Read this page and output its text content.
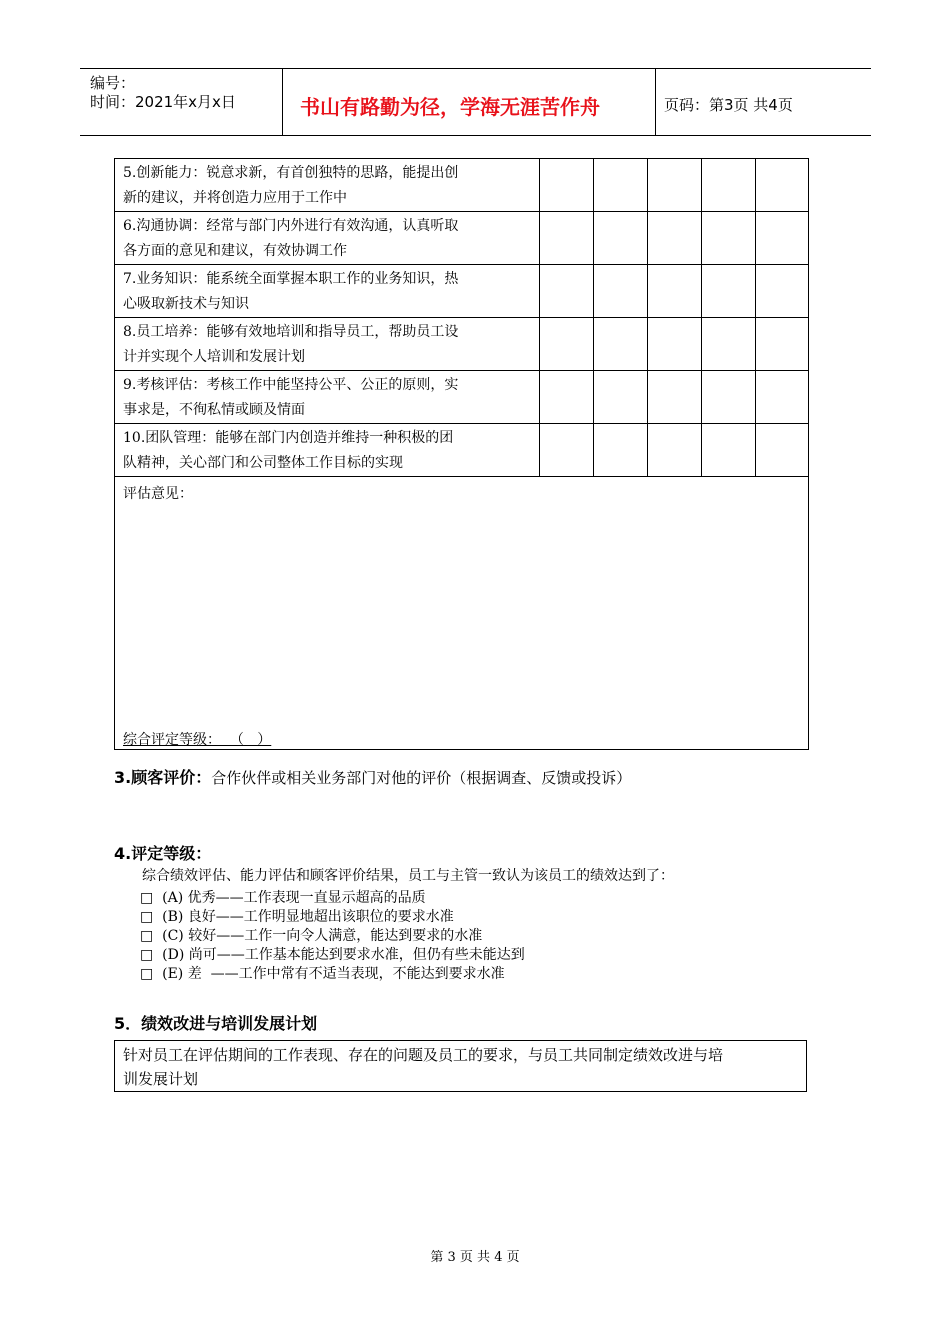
编号：
时间：2021年x月x日	书山有路勤为径，学海无涯苦作舟	页码：第3页 共4页
5.创新能力：锐意求新，有首创独特的思路，能提出创
新的建议，并将创造力应用于工作中					
6.沟通协调：经常与部门内外进行有效沟通，认真听取
各方面的意见和建议，有效协调工作					
7.业务知识：能系统全面掌握本职工作的业务知识，热
心吸取新技术与知识					
8.员工培养：能够有效地培训和指导员工，帮助员工设
计并实现个人培训和发展计划					
9.考核评估：考核工作中能坚持公平、公正的原则，实
事求是，不徇私情或顾及情面					
10.团队管理：能够在部门内创造并维持一种积极的团
队精神，关心部门和公司整体工作目标的实现					

评估意见：
综合评定等级：  （   ）					
3.顾客评价：合作伙伴或相关业务部门对他的评价（根据调查、反馈或投诉）
4.评定等级：
综合绩效评估、能力评估和顾客评价结果，员工与主管一致认为该员工的绩效达到了：
□  (A) 优秀——工作表现一直显示超高的品质
□  (B) 良好——工作明显地超出该职位的要求水准
□  (C) 较好——工作一向令人满意，能达到要求的水准
□  (D) 尚可——工作基本能达到要求水准，但仍有些未能达到
□  (E) 差  ——工作中常有不适当表现，不能达到要求水准
5．绩效改进与培训发展计划
针对员工在评估期间的工作表现、存在的问题及员工的要求，与员工共同制定绩效改进与培
训发展计划
第 3 页 共 4 页
